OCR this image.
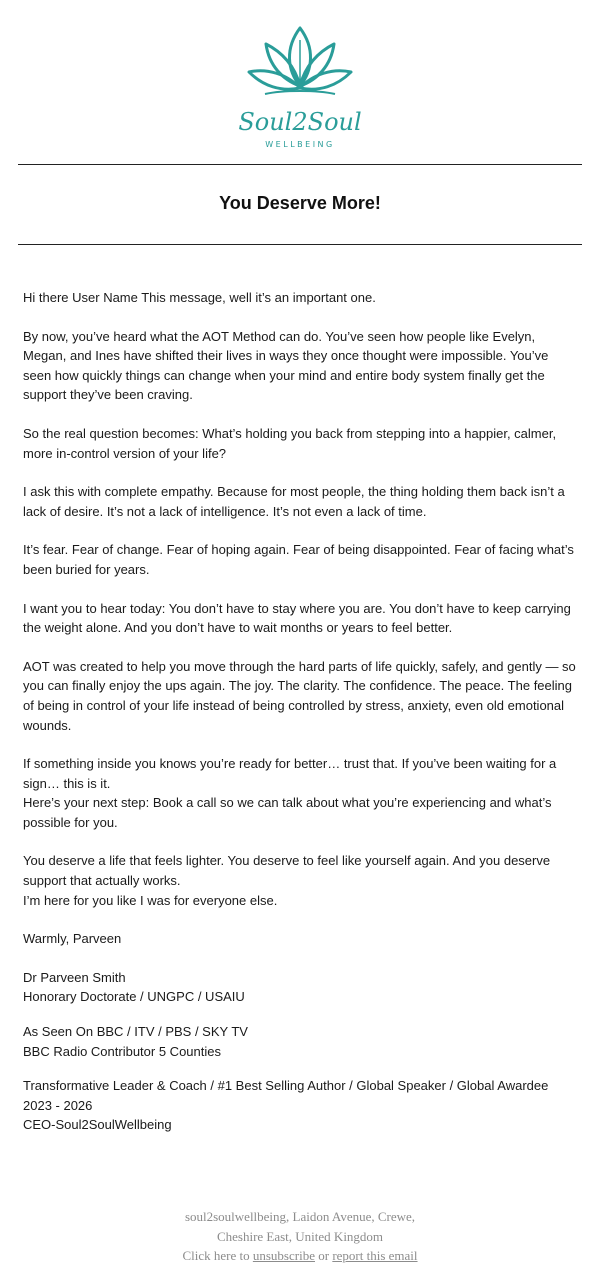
Soul2Soul
WELLBEING
You Deserve More!

Hi there User Name This message, well it’s an important one.

By now, you’ve heard what the AOT Method can do. You’ve seen how people like Evelyn, Megan, and Ines have shifted their lives in ways they once thought were impossible. You’ve seen how quickly things can change when your mind and entire body system finally get the support they’ve been craving.

So the real question becomes: What’s holding you back from stepping into a happier, calmer, more in-control version of your life?

I ask this with complete empathy. Because for most people, the thing holding them back isn’t a lack of desire. It’s not a lack of intelligence. It’s not even a lack of time.

It’s fear. Fear of change. Fear of hoping again. Fear of being disappointed. Fear of facing what’s been buried for years.

I want you to hear today: You don’t have to stay where you are. You don’t have to keep carrying the weight alone. And you don’t have to wait months or years to feel better.

AOT was created to help you move through the hard parts of life quickly, safely, and gently — so you can finally enjoy the ups again. The joy. The clarity. The confidence. The peace. The feeling of being in control of your life instead of being controlled by stress, anxiety, even old emotional wounds.

If something inside you knows you’re ready for better… trust that. If you’ve been waiting for a sign… this is it.

Here’s your next step: Book a call so we can talk about what you’re experiencing and what’s possible for you.

You deserve a life that feels lighter. You deserve to feel like yourself again. And you deserve support that actually works.

I’m here for you like I was for everyone else.

Warmly, Parveen

Dr Parveen Smith

Honorary Doctorate / UNGPC / USAIU

As Seen On BBC / ITV / PBS / SKY TV

BBC Radio Contributor 5 Counties

Transformative Leader & Coach / #1 Best Selling Author / Global Speaker / Global Awardee 2023 - 2026

CEO-Soul2SoulWellbeing

soul2soulwellbeing, Laidon Avenue, Crewe,
Cheshire East, United Kingdom
Click here to unsubscribe or report this email
